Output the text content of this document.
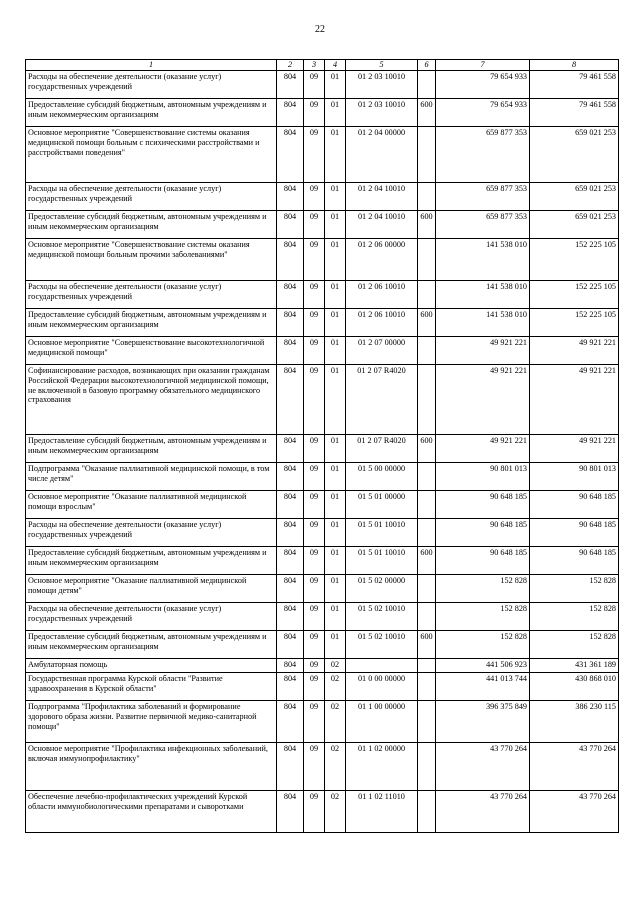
22
1	2	3	4	5	6	7	8
Расходы на обеспечение деятельности (оказание услуг) государственных учреждений	804	09	01	01 2 03 10010		79 654 933	79 461 558
Предоставление субсидий бюджетным, автономным учреждениям и иным некоммерческим организациям	804	09	01	01 2 03 10010	600	79 654 933	79 461 558
Основное мероприятие "Совершенствование системы оказания медицинской помощи больным с психическими расстройствами и расстройствами поведения"	804	09	01	01 2 04 00000		659 877 353	659 021 253
Расходы на обеспечение деятельности (оказание услуг) государственных учреждений	804	09	01	01 2 04 10010		659 877 353	659 021 253
Предоставление субсидий бюджетным, автономным учреждениям и иным некоммерческим организациям	804	09	01	01 2 04 10010	600	659 877 353	659 021 253
Основное мероприятие "Совершенствование системы оказания медицинской помощи больным прочими заболеваниями"	804	09	01	01 2 06 00000		141 538 010	152 225 105
Расходы на обеспечение деятельности (оказание услуг) государственных учреждений	804	09	01	01 2 06 10010		141 538 010	152 225 105
Предоставление субсидий бюджетным, автономным учреждениям и иным некоммерческим организациям	804	09	01	01 2 06 10010	600	141 538 010	152 225 105
Основное мероприятие "Совершенствование высокотехнологичной медицинской помощи"	804	09	01	01 2 07 00000		49 921 221	49 921 221
Софинансирование расходов, возникающих при оказании гражданам Российской Федерации высокотехнологичной медицинской помощи, не включенной в базовую программу обязательного медицинского страхования	804	09	01	01 2 07 R4020		49 921 221	49 921 221
Предоставление субсидий бюджетным, автономным учреждениям и иным некоммерческим организациям	804	09	01	01 2 07 R4020	600	49 921 221	49 921 221
Подпрограмма "Оказание паллиативной медицинской помощи, в том числе детям"	804	09	01	01 5 00 00000		90 801 013	90 801 013
Основное мероприятие "Оказание паллиативной медицинской помощи взрослым"	804	09	01	01 5 01 00000		90 648 185	90 648 185
Расходы на обеспечение деятельности (оказание услуг) государственных учреждений	804	09	01	01 5 01 10010		90 648 185	90 648 185
Предоставление субсидий бюджетным, автономным учреждениям и иным некоммерческим организациям	804	09	01	01 5 01 10010	600	90 648 185	90 648 185
Основное мероприятие "Оказание паллиативной медицинской помощи детям"	804	09	01	01 5 02 00000		152 828	152 828
Расходы на обеспечение деятельности (оказание услуг) государственных учреждений	804	09	01	01 5 02 10010		152 828	152 828
Предоставление субсидий бюджетным, автономным учреждениям и иным некоммерческим организациям	804	09	01	01 5 02 10010	600	152 828	152 828
Амбулаторная помощь	804	09	02			441 506 923	431 361 189
Государственная программа Курской области "Развитие здравоохранения в Курской области"	804	09	02	01 0 00 00000		441 013 744	430 868 010
Подпрограмма "Профилактика заболеваний и формирование здорового образа жизни. Развитие первичной медико-санитарной помощи"	804	09	02	01 1 00 00000		396 375 849	386 230 115
Основное мероприятие "Профилактика инфекционных заболеваний, включая иммунопрофилактику"	804	09	02	01 1 02 00000		43 770 264	43 770 264
Обеспечение лечебно-профилактических учреждений Курской области иммунобиологическими препаратами и сыворотками	804	09	02	01 1 02 11010		43 770 264	43 770 264
